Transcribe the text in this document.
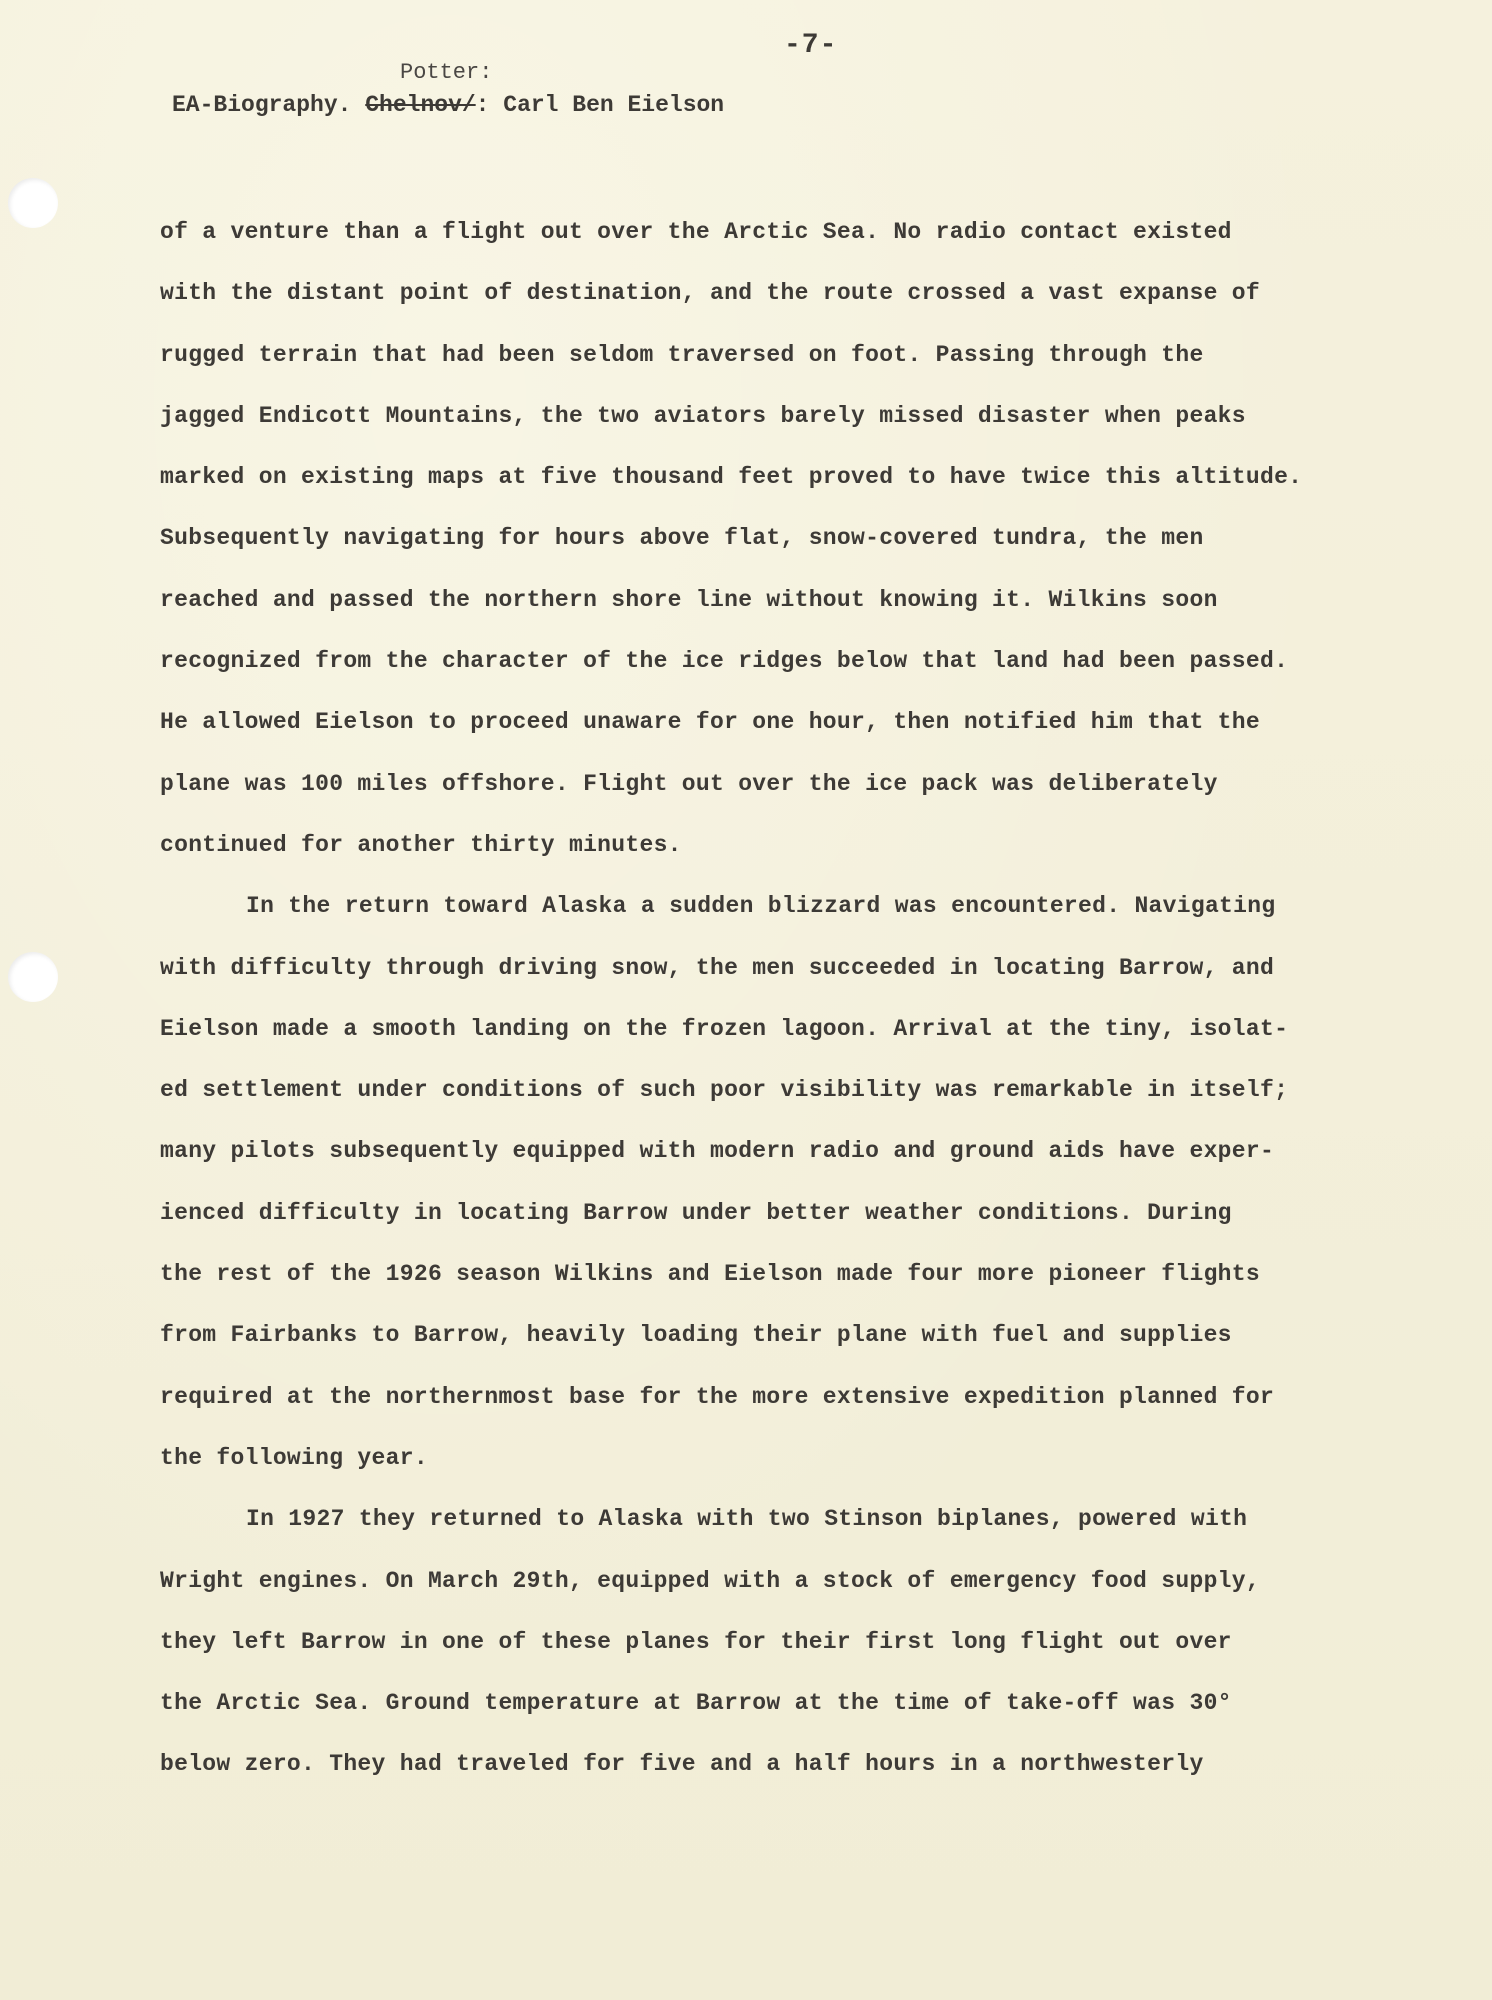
-7-
Potter:
EA-Biography. Chelnov/: Carl Ben Eielson
of a venture than a flight out over the Arctic Sea. No radio contact existed
with the distant point of destination, and the route crossed a vast expanse of
rugged terrain that had been seldom traversed on foot. Passing through the
jagged Endicott Mountains, the two aviators barely missed disaster when peaks
marked on existing maps at five thousand feet proved to have twice this altitude.
Subsequently navigating for hours above flat, snow-covered tundra, the men
reached and passed the northern shore line without knowing it. Wilkins soon
recognized from the character of the ice ridges below that land had been passed.
He allowed Eielson to proceed unaware for one hour, then notified him that the
plane was 100 miles offshore. Flight out over the ice pack was deliberately
continued for another thirty minutes.
In the return toward Alaska a sudden blizzard was encountered. Navigating
with difficulty through driving snow, the men succeeded in locating Barrow, and
Eielson made a smooth landing on the frozen lagoon. Arrival at the tiny, isolat-
ed settlement under conditions of such poor visibility was remarkable in itself;
many pilots subsequently equipped with modern radio and ground aids have exper-
ienced difficulty in locating Barrow under better weather conditions. During
the rest of the 1926 season Wilkins and Eielson made four more pioneer flights
from Fairbanks to Barrow, heavily loading their plane with fuel and supplies
required at the northernmost base for the more extensive expedition planned for
the following year.
In 1927 they returned to Alaska with two Stinson biplanes, powered with
Wright engines. On March 29th, equipped with a stock of emergency food supply,
they left Barrow in one of these planes for their first long flight out over
the Arctic Sea. Ground temperature at Barrow at the time of take-off was 30°
below zero. They had traveled for five and a half hours in a northwesterly
